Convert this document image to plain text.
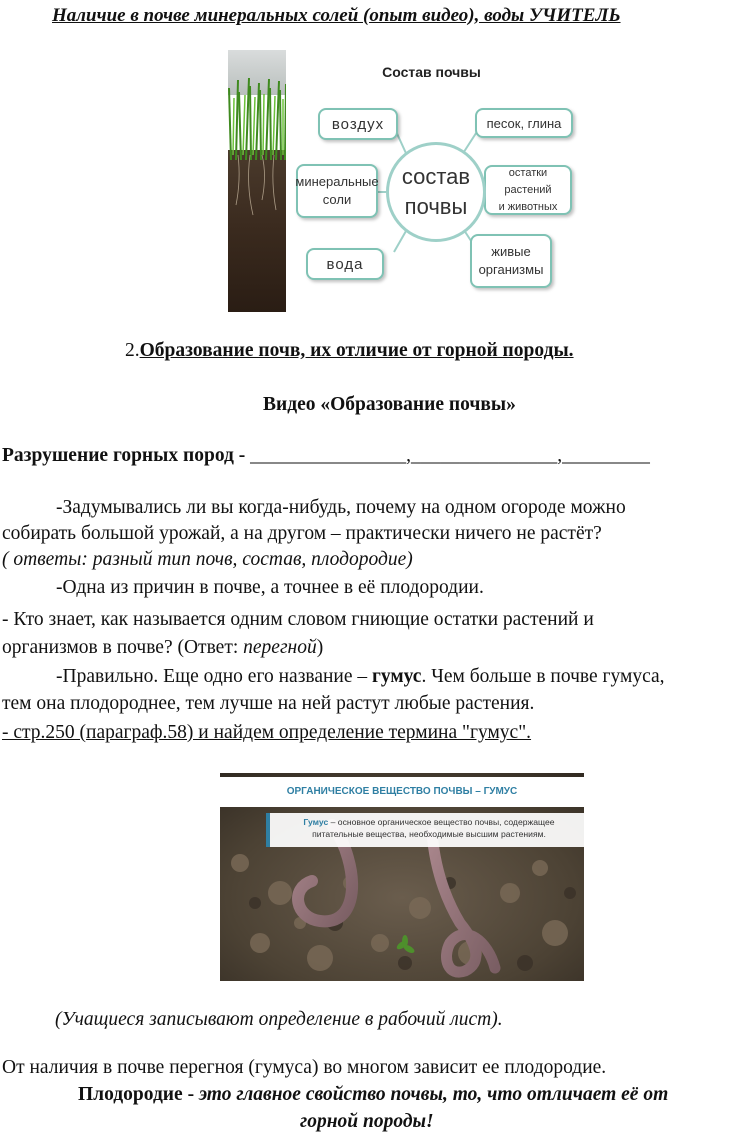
Наличие в почве минеральных солей (опыт видео), воды УЧИТЕЛЬ
Состав почвы
воздух	песок, глина
минеральные
соли
остатки растений
и животных
вода
живые
организмы
состав
почвы
2.Образование почв, их отличие от горной породы.
Видео «Образование почвы»
Разрушение горных пород - ________________,_______________,_________
-Задумывались ли вы когда-нибудь, почему на одном огороде можно
собирать большой урожай, а на другом – практически ничего не растёт?
( ответы: разный тип почв, состав, плодородие)
-Одна из причин в почве, а точнее в её плодородии.
- Кто знает, как называется одним словом гниющие остатки растений и
организмов в почве? (Ответ: перегной)
-Правильно. Еще одно его название – гумус. Чем больше в почве гумуса,
тем она плодороднее, тем лучше на ней растут любые растения.
- стр.250 (параграф.58) и найдем определение термина "гумус".
ОРГАНИЧЕСКОЕ ВЕЩЕСТВО ПОЧВЫ – ГУМУС
Гумус – основное органическое вещество почвы, содержащее
питательные вещества, необходимые высшим растениям.
(Учащиеся записывают определение в рабочий лист).
От наличия в почве перегноя (гумуса) во многом зависит ее плодородие.
Плодородие - это главное свойство почвы, то, что отличает её от
горной породы!
